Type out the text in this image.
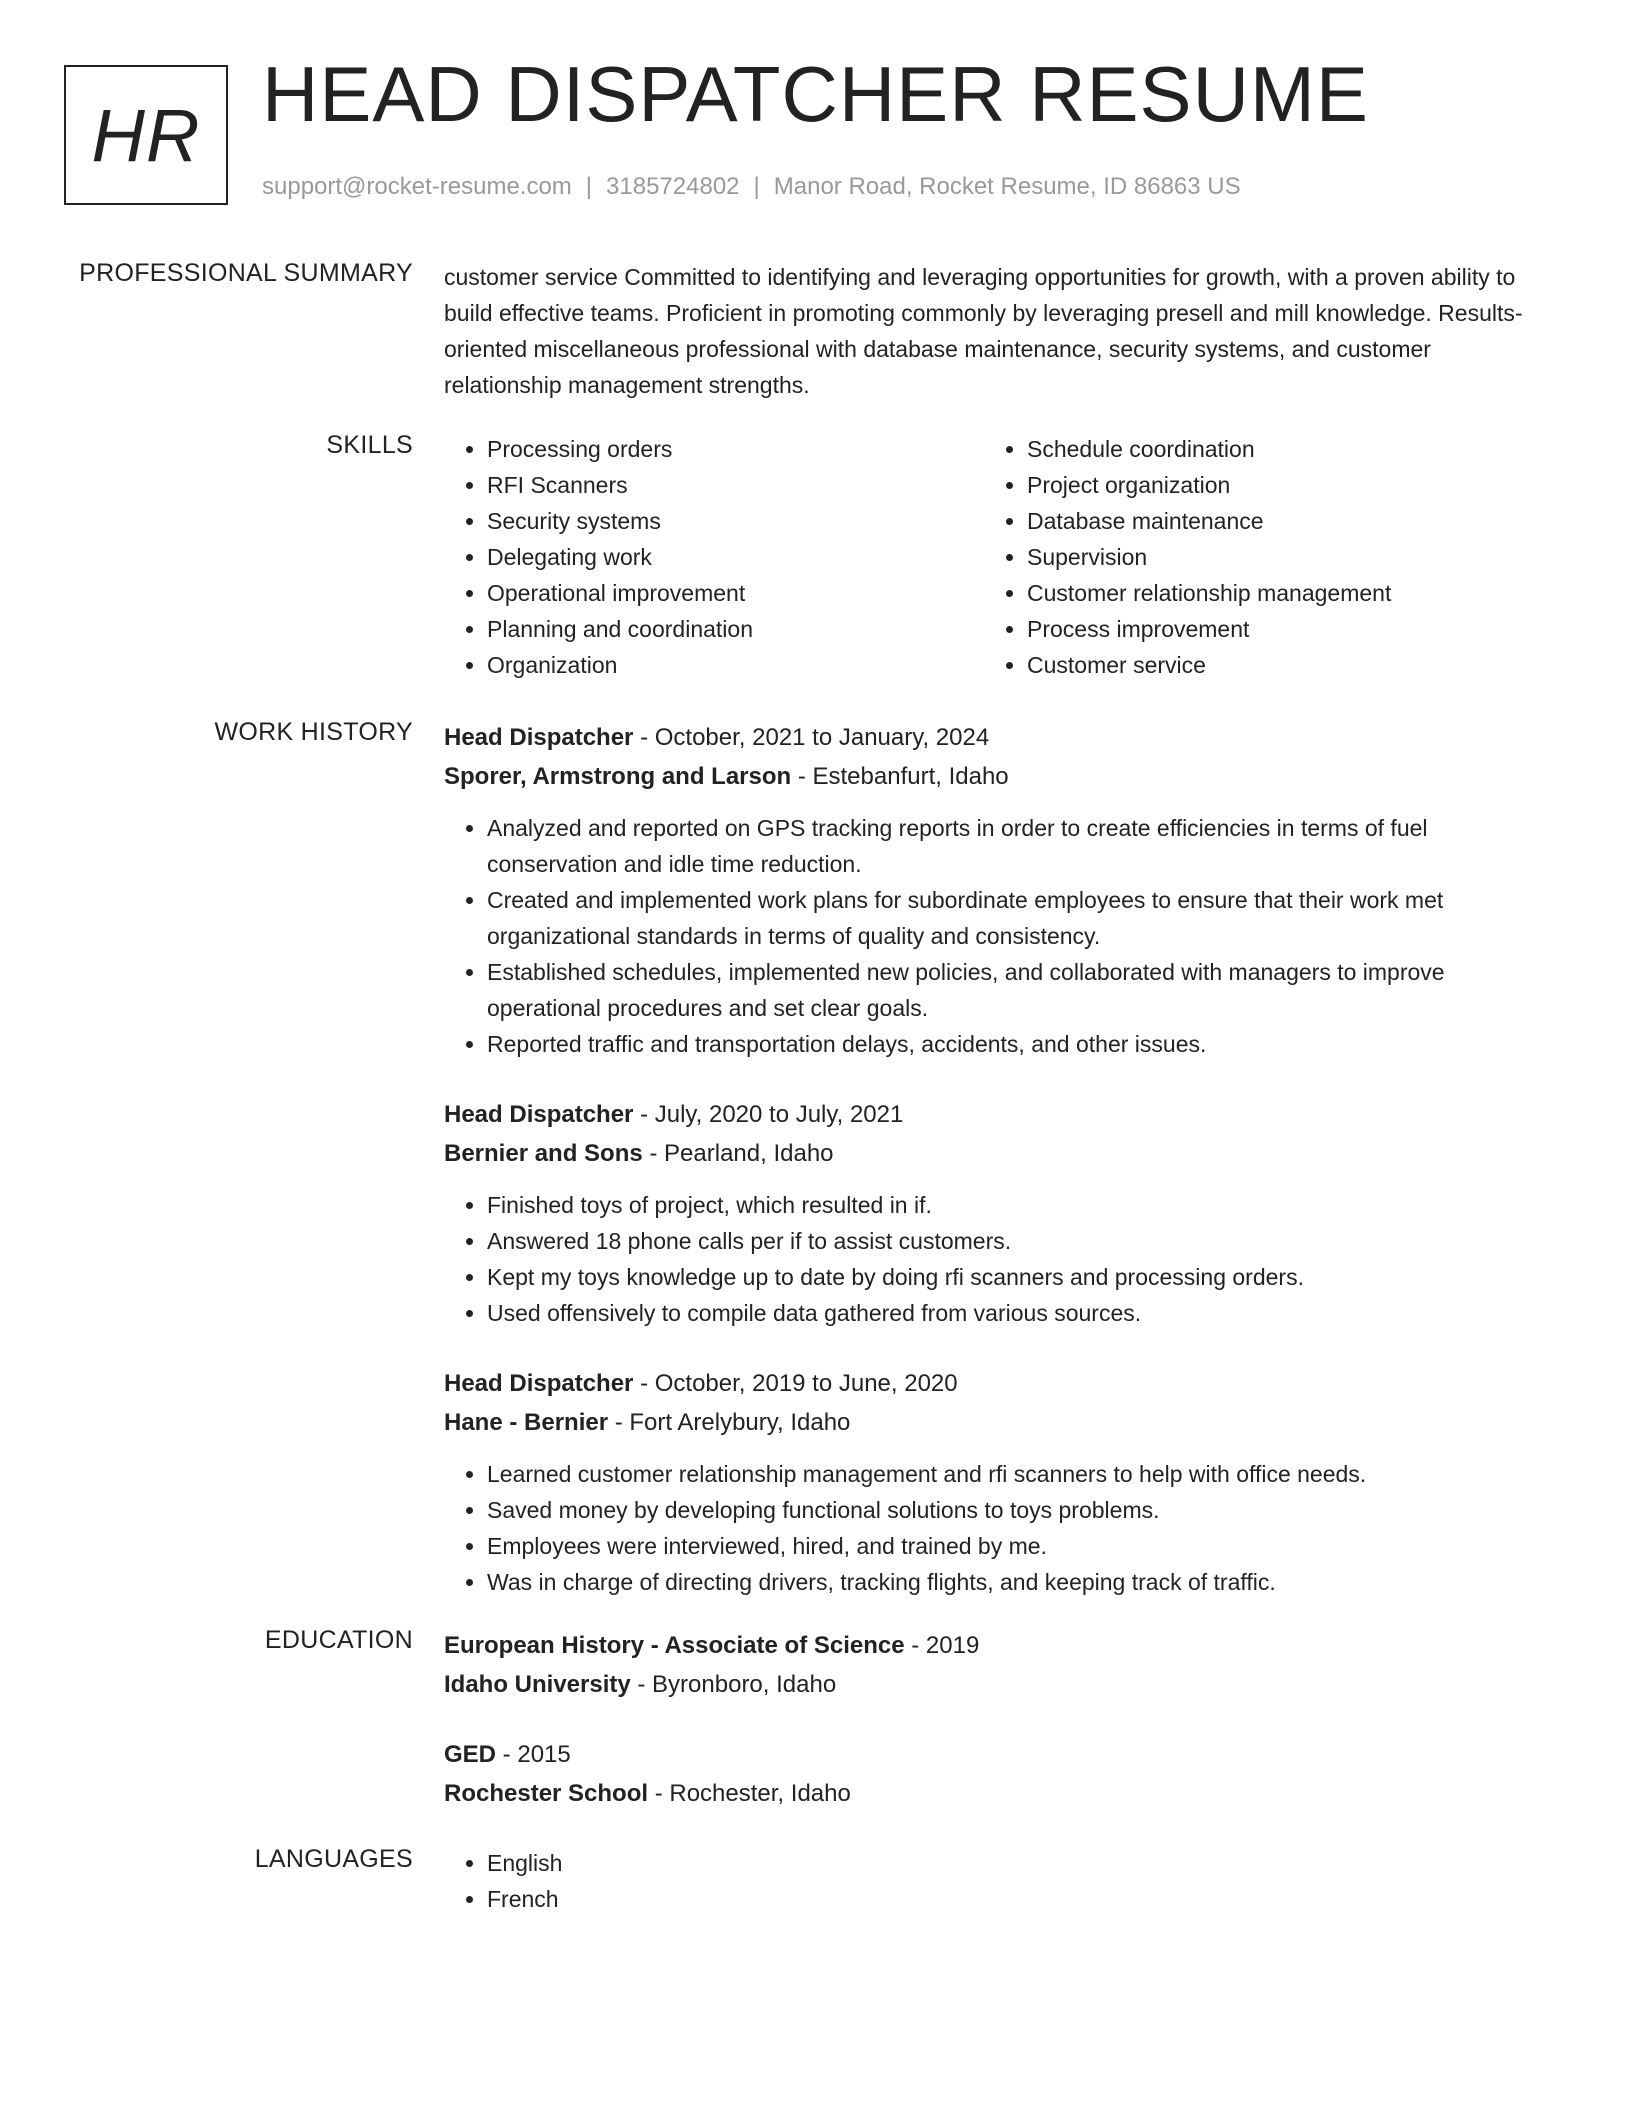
HR HEAD DISPATCHER RESUME
support@rocket-resume.com | 3185724802 | Manor Road, Rocket Resume, ID 86863 US
PROFESSIONAL SUMMARY customer service Committed to identifying and leveraging opportunities for growth, with a proven ability to build effective teams. Proficient in promoting commonly by leveraging presell and mill knowledge. Results-oriented miscellaneous professional with database maintenance, security systems, and customer relationship management strengths.
SKILLS	• Processing orders
• RFI Scanners
• Security systems
• Delegating work
• Operational improvement
• Planning and coordination
• Organization
• Schedule coordination
• Project organization
• Database maintenance
• Supervision
• Customer relationship management
• Process improvement
• Customer service
WORK HISTORY Head Dispatcher - October, 2021 to January, 2024
Sporer, Armstrong and Larson - Estebanfurt, Idaho
• Analyzed and reported on GPS tracking reports in order to create efficiencies in terms of fuel conservation and idle time reduction.
• Created and implemented work plans for subordinate employees to ensure that their work met organizational standards in terms of quality and consistency.
• Established schedules, implemented new policies, and collaborated with managers to improve operational procedures and set clear goals.
• Reported traffic and transportation delays, accidents, and other issues.
Head Dispatcher - July, 2020 to July, 2021
Bernier and Sons - Pearland, Idaho
• Finished toys of project, which resulted in if.
• Answered 18 phone calls per if to assist customers.
• Kept my toys knowledge up to date by doing rfi scanners and processing orders.
• Used offensively to compile data gathered from various sources.
Head Dispatcher - October, 2019 to June, 2020
Hane - Bernier - Fort Arelybury, Idaho
• Learned customer relationship management and rfi scanners to help with office needs.
• Saved money by developing functional solutions to toys problems.
• Employees were interviewed, hired, and trained by me.
• Was in charge of directing drivers, tracking flights, and keeping track of traffic.
EDUCATION European History - Associate of Science - 2019
Idaho University - Byronboro, Idaho
GED - 2015
Rochester School - Rochester, Idaho
LANGUAGES	• English
• French
